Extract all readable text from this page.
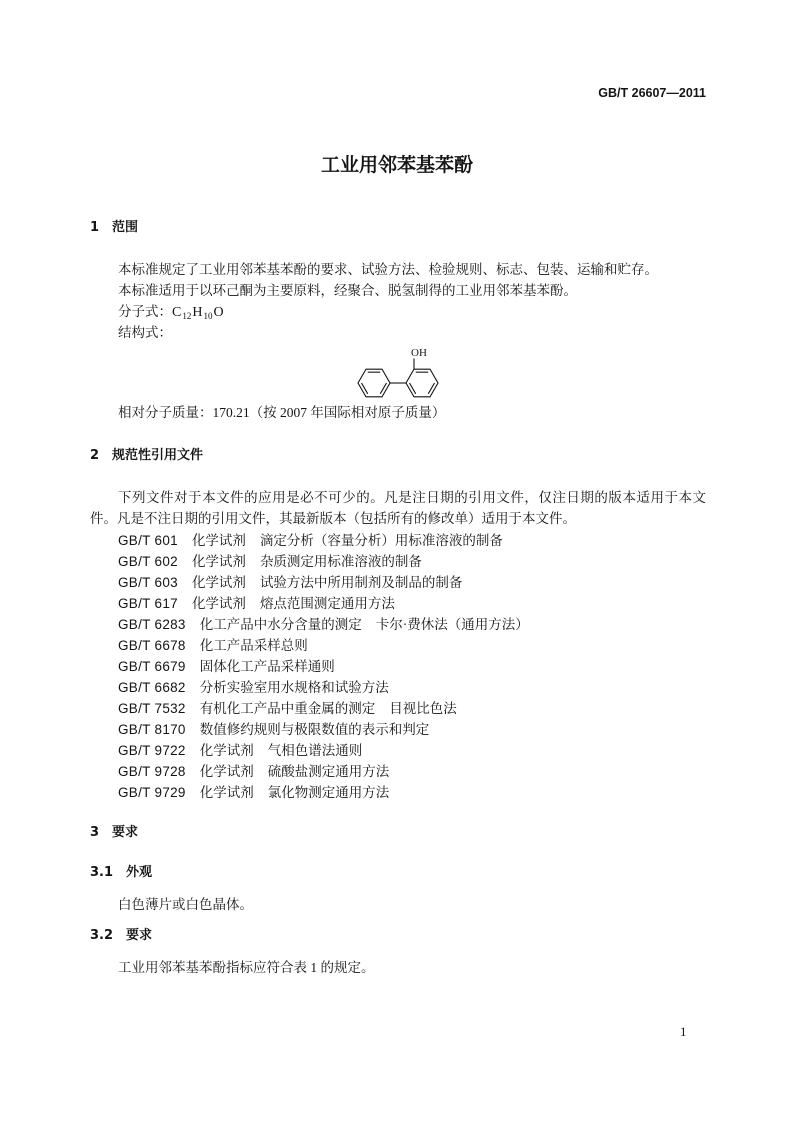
GB/T 26607—2011
工业用邻苯基苯酚
1 范围
本标准规定了工业用邻苯基苯酚的要求、试验方法、检验规则、标志、包装、运输和贮存。
本标准适用于以环己酮为主要原料，经聚合、脱氢制得的工业用邻苯基苯酚。
分子式：$C_{12}H_{10}O$
结构式：
OH
相对分子质量：170.21（按 2007 年国际相对原子质量）
2 规范性引用文件
下列文件对于本文件的应用是必不可少的。凡是注日期的引用文件，仅注日期的版本适用于本文
件。凡是不注日期的引用文件，其最新版本（包括所有的修改单）适用于本文件。
GB/T 601 化学试剂 滴定分析（容量分析）用标准溶液的制备
GB/T 602 化学试剂 杂质测定用标准溶液的制备
GB/T 603 化学试剂 试验方法中所用制剂及制品的制备
GB/T 617 化学试剂 熔点范围测定通用方法
GB/T 6283 化工产品中水分含量的测定 卡尔·费休法（通用方法）
GB/T 6678 化工产品采样总则
GB/T 6679 固体化工产品采样通则
GB/T 6682 分析实验室用水规格和试验方法
GB/T 7532 有机化工产品中重金属的测定 目视比色法
GB/T 8170 数值修约规则与极限数值的表示和判定
GB/T 9722 化学试剂 气相色谱法通则
GB/T 9728 化学试剂 硫酸盐测定通用方法
GB/T 9729 化学试剂 氯化物测定通用方法
3 要求
3.1 外观
白色薄片或白色晶体。
3.2 要求
工业用邻苯基苯酚指标应符合表 1 的规定。
1
